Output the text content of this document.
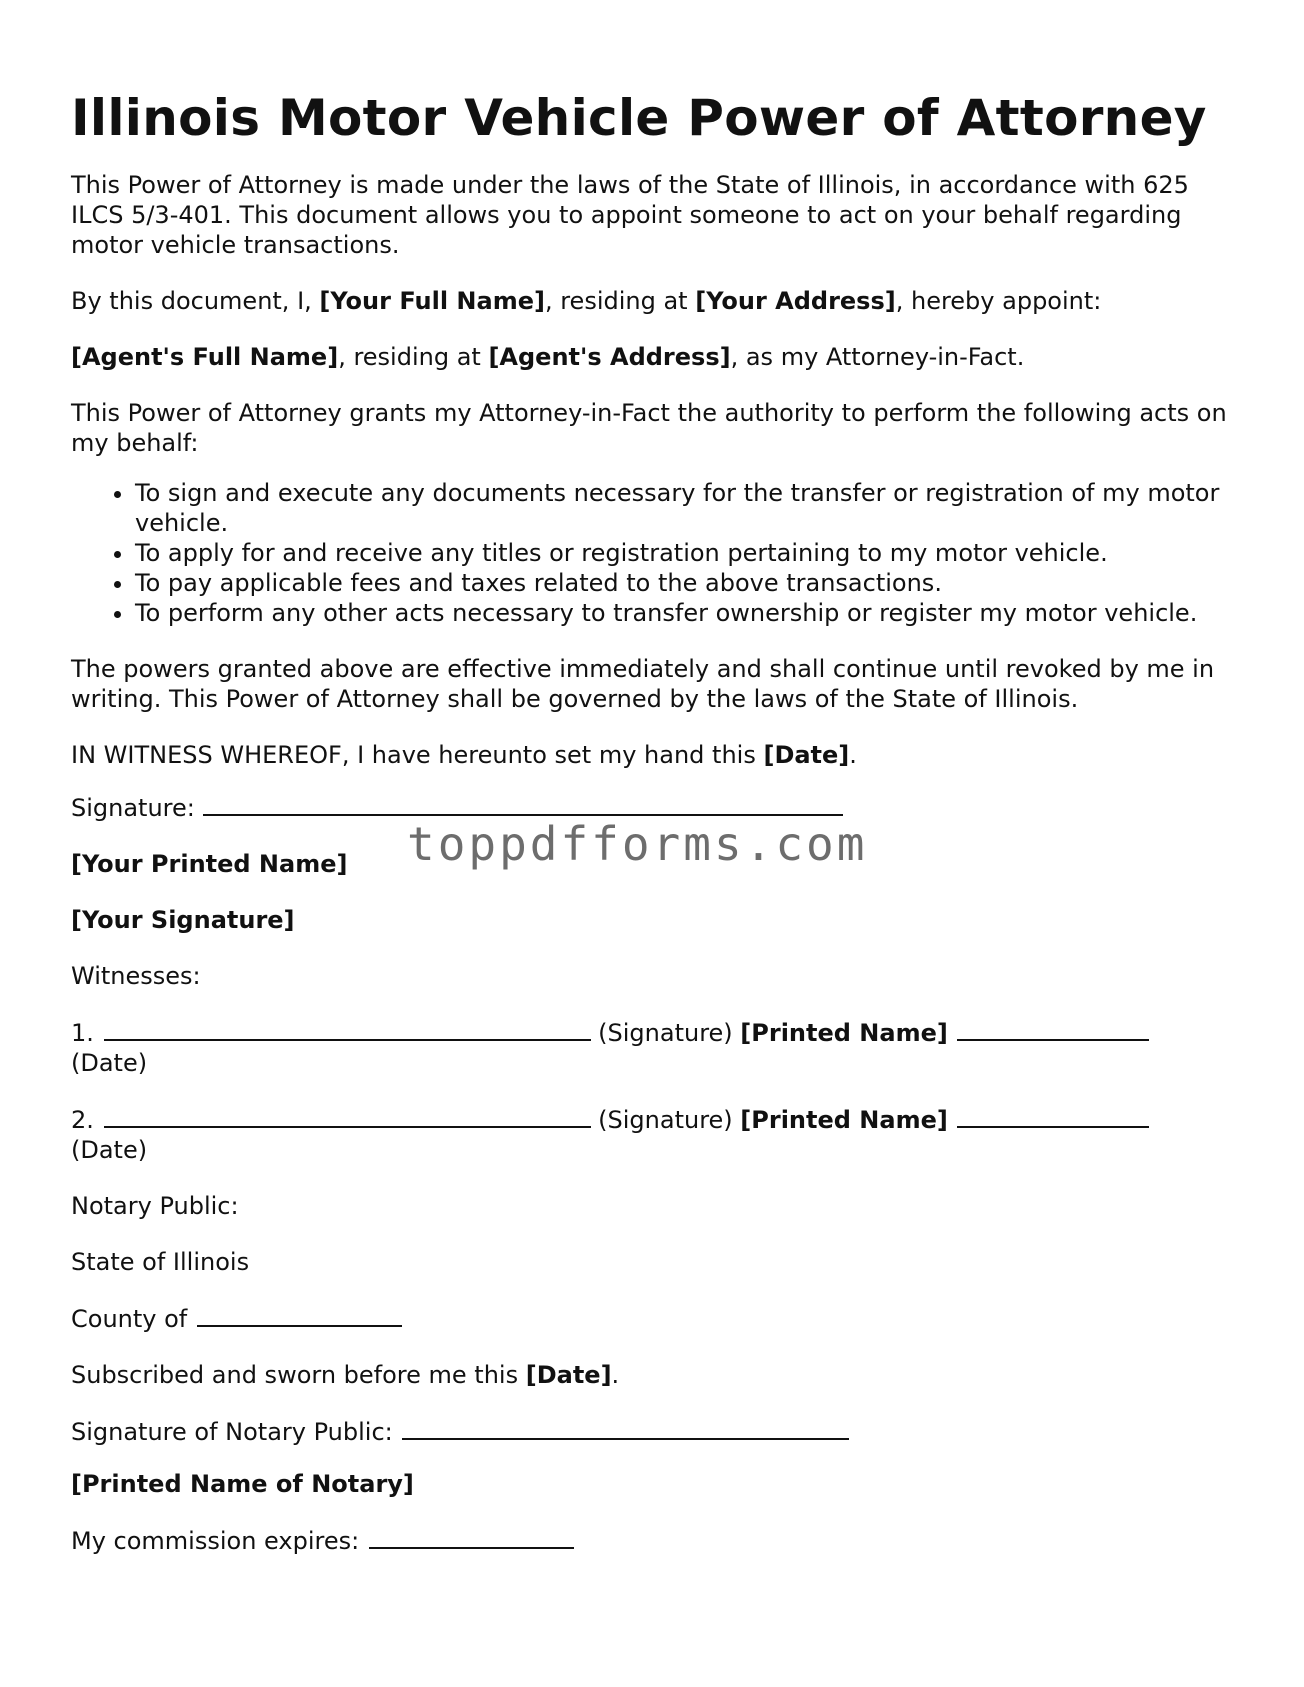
Illinois Motor Vehicle Power of Attorney

This Power of Attorney is made under the laws of the State of Illinois, in accordance with 625 ILCS 5/3-401. This document allows you to appoint someone to act on your behalf regarding motor vehicle transactions.

By this document, I, [Your Full Name], residing at [Your Address], hereby appoint:

[Agent's Full Name], residing at [Agent's Address], as my Attorney-in-Fact.

This Power of Attorney grants my Attorney-in-Fact the authority to perform the following acts on my behalf:

• To sign and execute any documents necessary for the transfer or registration of my motor vehicle.
• To apply for and receive any titles or registration pertaining to my motor vehicle.
• To pay applicable fees and taxes related to the above transactions.
• To perform any other acts necessary to transfer ownership or register my motor vehicle.

The powers granted above are effective immediately and shall continue until revoked by me in writing. This Power of Attorney shall be governed by the laws of the State of Illinois.

IN WITNESS WHEREOF, I have hereunto set my hand this [Date].

Signature:

[Your Printed Name]

[Your Signature]

Witnesses:

1.	(Signature) [Printed Name]
(Date)

2.	(Signature) [Printed Name]
(Date)

Notary Public:

State of Illinois

County of

Subscribed and sworn before me this [Date].

Signature of Notary Public:

[Printed Name of Notary]

My commission expires:

toppdfforms.com
